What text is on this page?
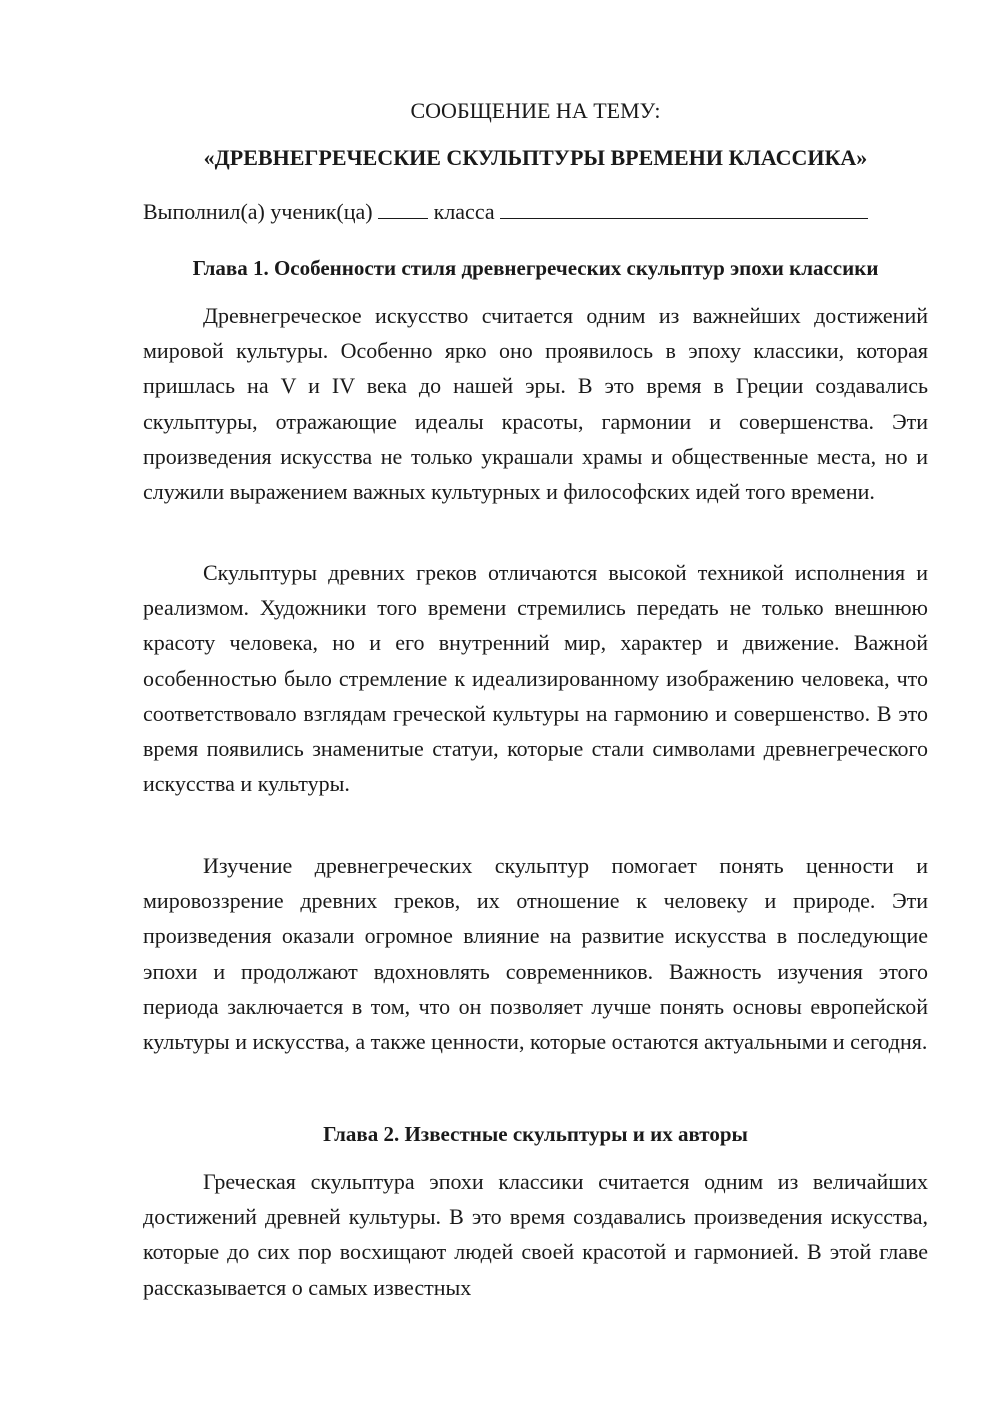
СООБЩЕНИЕ НА ТЕМУ:
«ДРЕВНЕГРЕЧЕСКИЕ СКУЛЬПТУРЫ ВРЕМЕНИ КЛАССИКА»
Выполнил(а) ученик(ца)	класса
Глава 1. Особенности стиля древнегреческих скульптур эпохи классики

Древнегреческое искусство считается одним из важнейших достижений мировой культуры. Особенно ярко оно проявилось в эпоху классики, которая пришлась на V и IV века до нашей эры. В это время в Греции создавались скульптуры, отражающие идеалы красоты, гармонии и совершенства. Эти произведения искусства не только украшали храмы и общественные места, но и служили выражением важных культурных и философских идей того времени.

Скульптуры древних греков отличаются высокой техникой исполнения и реализмом. Художники того времени стремились передать не только внешнюю красоту человека, но и его внутренний мир, характер и движение. Важной особенностью было стремление к идеализированному изображению человека, что соответствовало взглядам греческой культуры на гармонию и совершенство. В это время появились знаменитые статуи, которые стали символами древнегреческого искусства и культуры.

Изучение древнегреческих скульптур помогает понять ценности и мировоззрение древних греков, их отношение к человеку и природе. Эти произведения оказали огромное влияние на развитие искусства в последующие эпохи и продолжают вдохновлять современников. Важность изучения этого периода заключается в том, что он позволяет лучше понять основы европейской культуры и искусства, а также ценности, которые остаются актуальными и сегодня.

Глава 2. Известные скульптуры и их авторы

Греческая скульптура эпохи классики считается одним из величайших достижений древней культуры. В это время создавались произведения искусства, которые до сих пор восхищают людей своей красотой и гармонией. В этой главе рассказывается о самых известных
